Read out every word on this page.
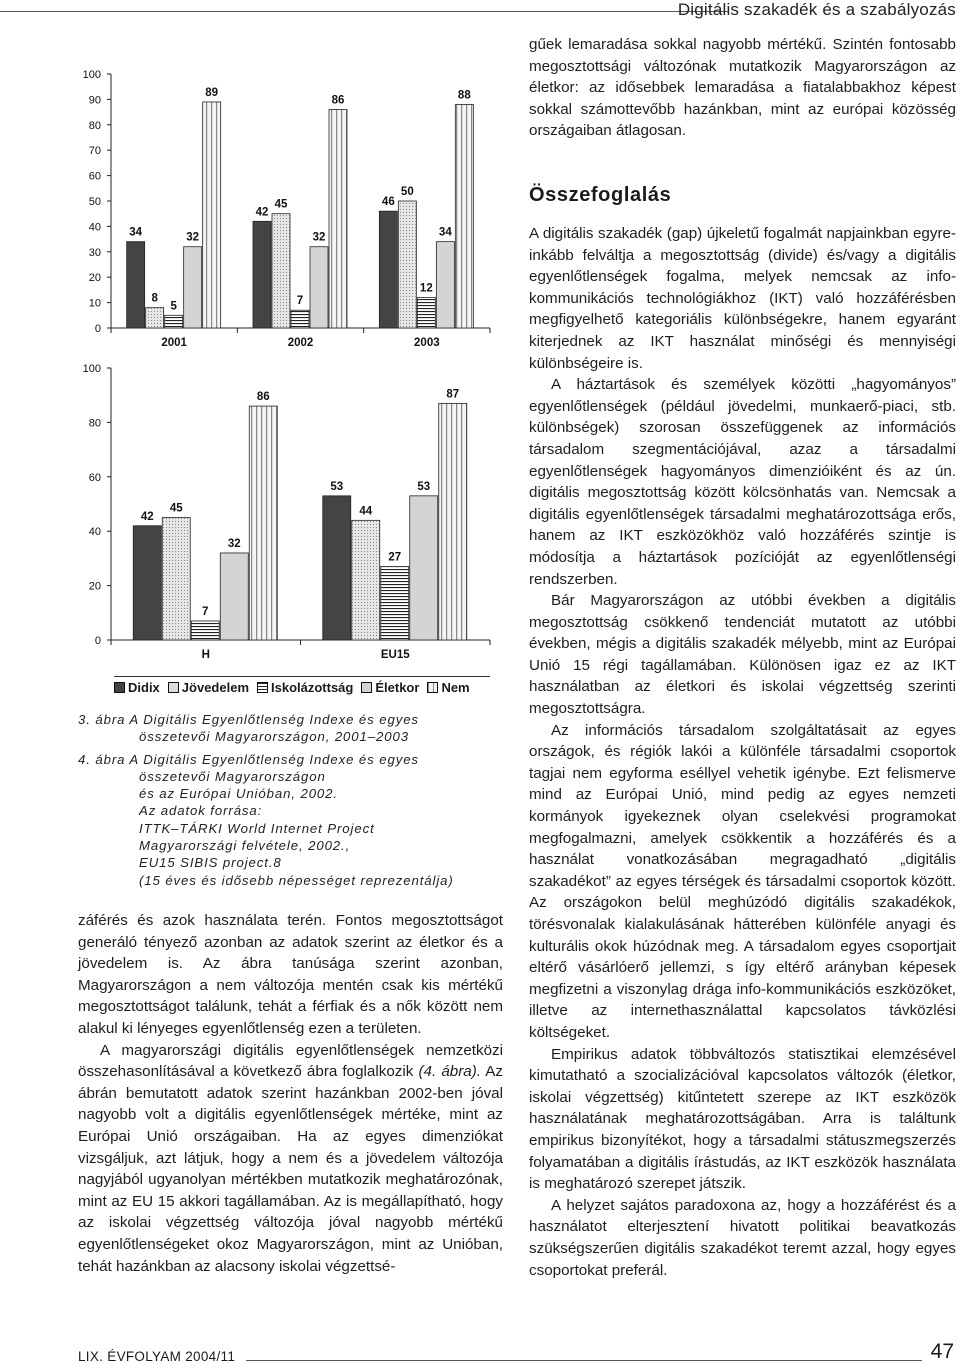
Digitális szakadék és a szabályozás
0
10
20
30
40
50
60
70
80
90
100
34
8
5
32
89
2001
42
45
7
32
86
2002
46
50
12
34
88
2003
0
20
40
60
80
100
42
45
7
32
86
H
53
44
27
53
87
EU15
Didix Jövedelem Iskolázottság Életkor Nem
3. ábra A Digitális Egyenlőtlenség Indexe és egyes
összetevői Magyarországon, 2001–2003
4. ábra A Digitális Egyenlőtlenség Indexe és egyes
összetevői Magyarországon
és az Európai Unióban, 2002.
Az adatok forrása:
ITTK–TÁRKI World Internet Project
Magyarországi felvétele, 2002.,
EU15 SIBIS project.8
(15 éves és idősebb népességet reprezentálja)

záférés és azok használata terén. Fontos megosztottságot generáló tényező azonban az adatok szerint az életkor és a jövedelem is. Az ábra tanúsága szerint azonban, Magyarországon a nem változója mentén csak kis mértékű megosztottságot találunk, tehát a férfiak és a nők között nem alakul ki lényeges egyenlőtlenség ezen a területen.

A magyarországi digitális egyenlőtlenségek nemzetközi összehasonlításával a következő ábra foglalkozik (4. ábra). Az ábrán bemutatott adatok szerint hazánkban 2002-ben jóval nagyobb volt a digitális egyenlőtlenségek mértéke, mint az Európai Unió országaiban. Ha az egyes dimenziókat vizsgáljuk, azt látjuk, hogy a nem és a jövedelem változója nagyjából ugyanolyan mértékben mutatkozik meghatározónak, mint az EU 15 akkori tagállamában. Az is megállapítható, hogy az iskolai végzettség változója jóval nagyobb mértékű egyenlőtlenségeket okoz Magyarországon, mint az Unióban, tehát hazánkban az alacsony iskolai végzettsé-

gűek lemaradása sokkal nagyobb mértékű. Szintén fontosabb megosztottsági változónak mutatkozik Magyarországon az életkor: az idősebbek lemaradása a fiatalabbakhoz képest sokkal számottevőbb hazánkban, mint az európai közösség országaiban átlagosan.

Összefoglalás

A digitális szakadék (gap) újkeletű fogalmát napjainkban egyre-inkább felváltja a megosztottság (divide) és/vagy a digitális egyenlőtlenségek fogalma, melyek nemcsak az info-kommunikációs technológiákhoz (IKT) való hozzáférésben megfigyelhető kategoriális különbségekre, hanem egyaránt kiterjednek az IKT használat minőségi és mennyiségi különbségeire is.

A háztartások és személyek közötti „hagyományos” egyenlőtlenségek (például jövedelmi, munkaerő-piaci, stb. különbségek) szorosan összefüggenek az információs társadalom szegmentációjával, azaz a társadalmi egyenlőtlenségek hagyományos dimenzióiként és az ún. digitális megosztottság között kölcsönhatás van. Nemcsak a digitális egyenlőtlenségek társadalmi meghatározottsága erős, hanem az IKT eszközökhöz való hozzáférés szintje is módosítja a háztartások pozícióját az egyenlőtlenségi rendszerben.

Bár Magyarországon az utóbbi években a digitális megosztottság csökkenő tendenciát mutatott az utóbbi években, mégis a digitális szakadék mélyebb, mint az Európai Unió 15 régi tagállamában. Különösen igaz ez az IKT használatban az életkori és iskolai végzettség szerinti megosztottságra.

Az információs társadalom szolgáltatásait az egyes országok, és régiók lakói a különféle társadalmi csoportok tagjai nem egyforma eséllyel vehetik igénybe. Ezt felismerve mind az Európai Unió, mind pedig az egyes nemzeti kormányok igyekeznek olyan cselekvési programokat megfogalmazni, amelyek csökkentik a hozzáférés és a használat vonatkozásában megragadható „digitális szakadékot” az egyes térségek és társadalmi csoportok között. Az országokon belül meghúzódó digitális szakadékok, törésvonalak kialakulásának hátterében különféle anyagi és kulturális okok húzódnak meg. A társadalom egyes csoportjait eltérő vásárlóerő jellemzi, s így eltérő arányban képesek megfizetni a viszonylag drága info-kommunikációs eszközöket, illetve az internethasználattal kapcsolatos távközlési költségeket.

Empirikus adatok többváltozós statisztikai elemzésével kimutatható a szocializációval kapcsolatos változók (életkor, iskolai végzettség) kitűntetett szerepe az IKT eszközök használatának meghatározottságában. Arra is találtunk empirikus bizonyítékot, hogy a társadalmi státuszmegszerzés folyamatában a digitális írástudás, az IKT eszközök használata is meghatározó szerepet játszik.

A helyzet sajátos paradoxona az, hogy a hozzáférést és a használatot elterjesztení hivatott politikai beavatkozás szükségszerűen digitális szakadékot teremt azzal, hogy egyes csoportokat preferál.

LIX. ÉVFOLYAM 2004/11	47
